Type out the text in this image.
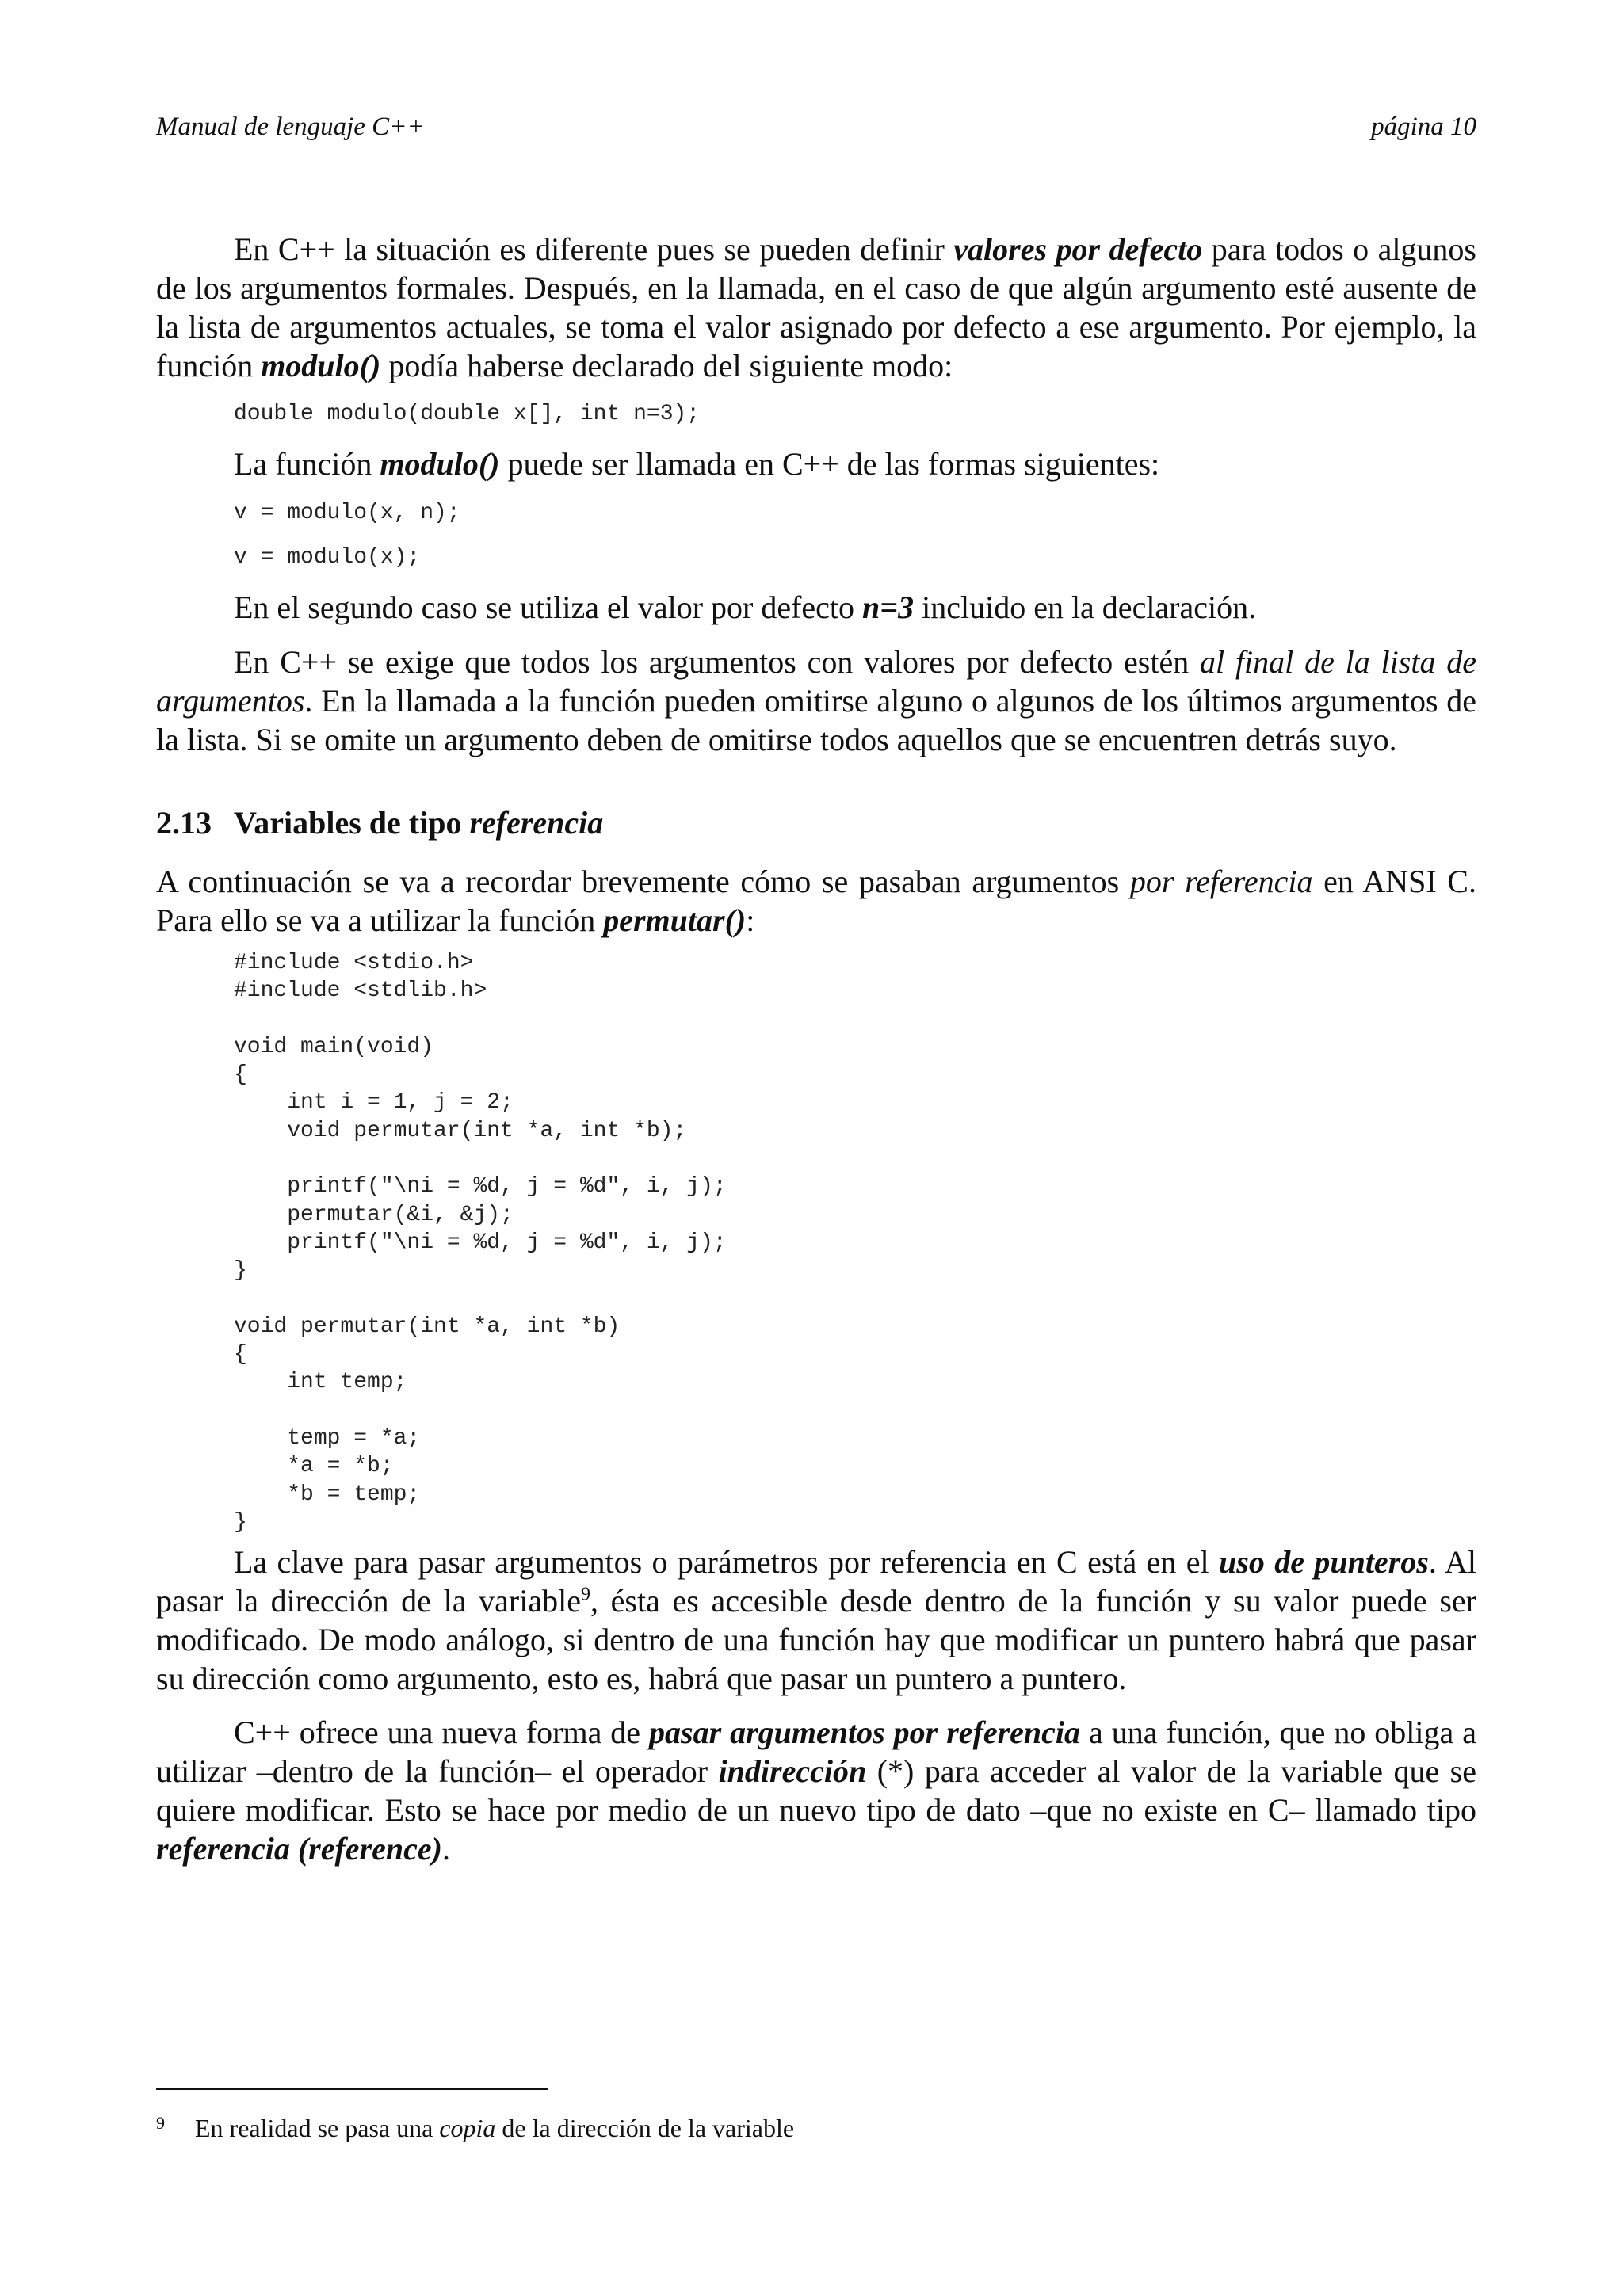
Manual de lenguaje C++	página 10

En C++ la situación es diferente pues se pueden definir valores por defecto para todos o algunos de los argumentos formales. Después, en la llamada, en el caso de que algún argumento esté ausente de la lista de argumentos actuales, se toma el valor asignado por defecto a ese argumento. Por ejemplo, la función modulo() podía haberse declarado del siguiente modo:

double modulo(double x[], int n=3);

La función modulo() puede ser llamada en C++ de las formas siguientes:

v = modulo(x, n);
v = modulo(x);

En el segundo caso se utiliza el valor por defecto n=3 incluido en la declaración.

En C++ se exige que todos los argumentos con valores por defecto estén al final de la lista de argumentos. En la llamada a la función pueden omitirse alguno o algunos de los últimos argumentos de la lista. Si se omite un argumento deben de omitirse todos aquellos que se encuentren detrás suyo.

2.13 Variables de tipo referencia

A continuación se va a recordar brevemente cómo se pasaban argumentos por referencia en ANSI C. Para ello se va a utilizar la función permutar():

#include <stdio.h>
#include <stdlib.h>

void main(void)
{
int i = 1, j = 2;
void permutar(int *a, int *b);

printf("\ni = %d, j = %d", i, j);
permutar(&i, &j);
printf("\ni = %d, j = %d", i, j);
}

void permutar(int *a, int *b)
{
int temp;

temp = *a;
*a = *b;
*b = temp;
}

La clave para pasar argumentos o parámetros por referencia en C está en el uso de punteros. Al pasar la dirección de la variable$^9$, ésta es accesible desde dentro de la función y su valor puede ser modificado. De modo análogo, si dentro de una función hay que modificar un puntero habrá que pasar su dirección como argumento, esto es, habrá que pasar un puntero a puntero.

C++ ofrece una nueva forma de pasar argumentos por referencia a una función, que no obliga a utilizar –dentro de la función– el operador indirección (*) para acceder al valor de la variable que se quiere modificar. Esto se hace por medio de un nuevo tipo de dato –que no existe en C– llamado tipo referencia (reference).

9 En realidad se pasa una copia de la dirección de la variable
